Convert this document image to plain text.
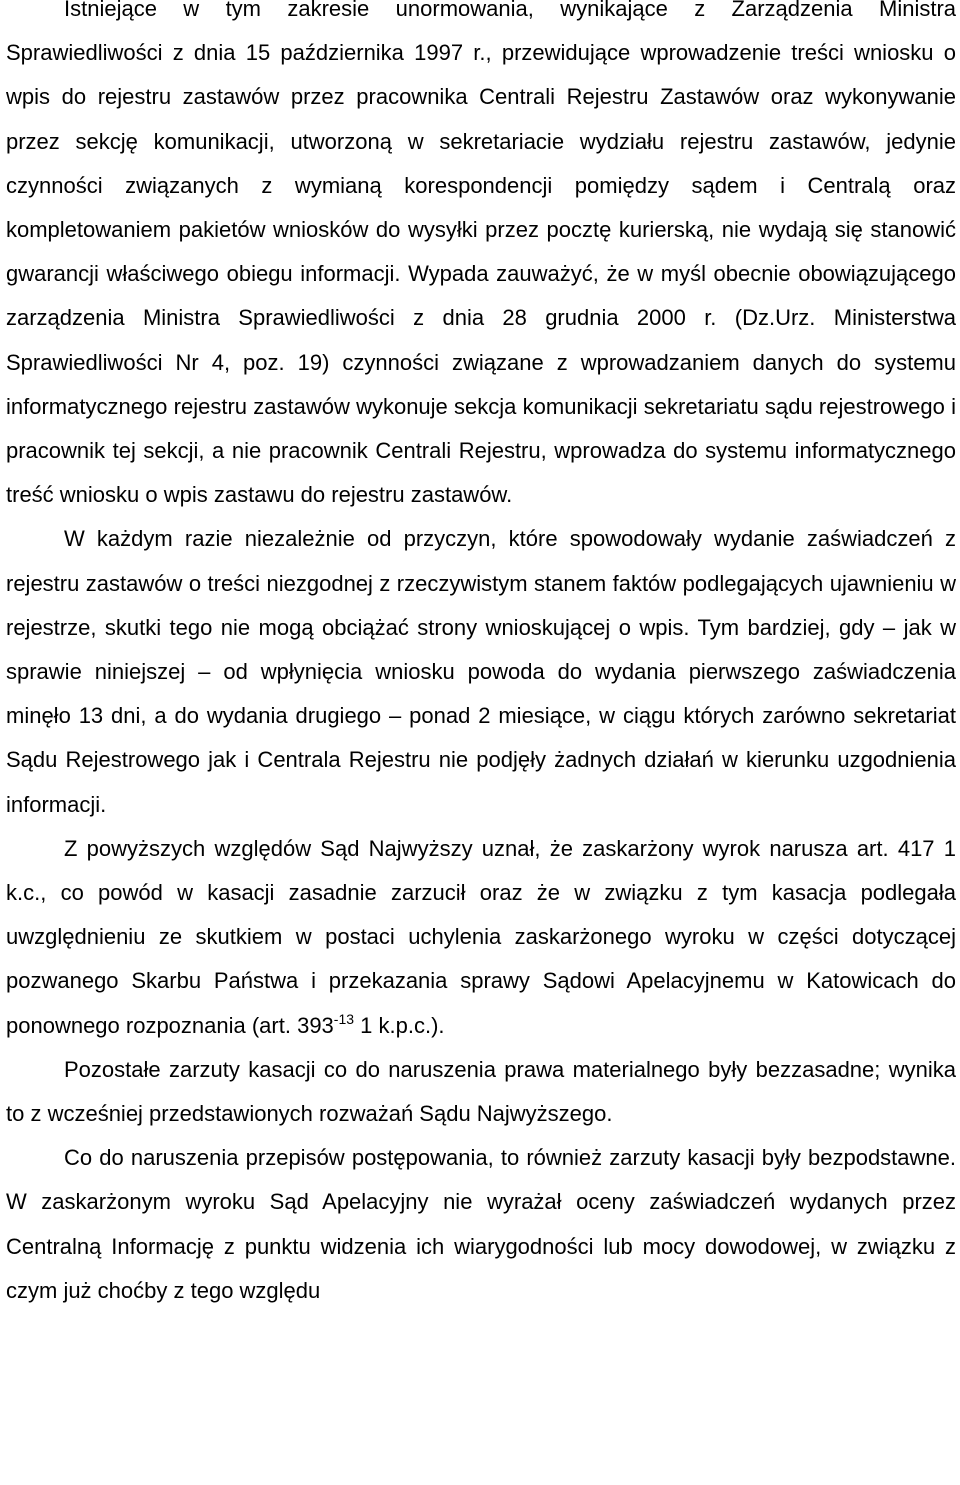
Istniejące w tym zakresie unormowania, wynikające z Zarządzenia Ministra Sprawiedliwości z dnia 15 października 1997 r., przewidujące wprowadzenie treści wniosku o wpis do rejestru zastawów przez pracownika Centrali Rejestru Zastawów oraz wykonywanie przez sekcję komunikacji, utworzoną w sekretariacie wydziału rejestru zastawów, jedynie czynności związanych z wymianą korespondencji pomiędzy sądem i Centralą oraz kompletowaniem pakietów wniosków do wysyłki przez pocztę kurierską, nie wydają się stanowić gwarancji właściwego obiegu informacji. Wypada zauważyć, że w myśl obecnie obowiązującego zarządzenia Ministra Sprawiedliwości z dnia 28 grudnia 2000 r. (Dz.Urz. Ministerstwa Sprawiedliwości Nr 4, poz. 19) czynności związane z wprowadzaniem danych do systemu informatycznego rejestru zastawów wykonuje sekcja komunikacji sekretariatu sądu rejestrowego i pracownik tej sekcji, a nie pracownik Centrali Rejestru, wprowadza do systemu informatycznego treść wniosku o wpis zastawu do rejestru zastawów.

W każdym razie niezależnie od przyczyn, które spowodowały wydanie zaświadczeń z rejestru zastawów o treści niezgodnej z rzeczywistym stanem faktów podlegających ujawnieniu w rejestrze, skutki tego nie mogą obciążać strony wnioskującej o wpis. Tym bardziej, gdy – jak w sprawie niniejszej – od wpłynięcia wniosku powoda do wydania pierwszego zaświadczenia minęło 13 dni, a do wydania drugiego – ponad 2 miesiące, w ciągu których zarówno sekretariat Sądu Rejestrowego jak i Centrala Rejestru nie podjęły żadnych działań w kierunku uzgodnienia informacji.

Z powyższych względów Sąd Najwyższy uznał, że zaskarżony wyrok narusza art. 417 1 k.c., co powód w kasacji zasadnie zarzucił oraz że w związku z tym kasacja podlegała uwzględnieniu ze skutkiem w postaci uchylenia zaskarżonego wyroku w części dotyczącej pozwanego Skarbu Państwa i przekazania sprawy Sądowi Apelacyjnemu w Katowicach do ponownego rozpoznania (art. $393^{-13}$ 1 k.p.c.).

Pozostałe zarzuty kasacji co do naruszenia prawa materialnego były bezzasadne; wynika to z wcześniej przedstawionych rozważań Sądu Najwyższego.

Co do naruszenia przepisów postępowania, to również zarzuty kasacji były bezpodstawne. W zaskarżonym wyroku Sąd Apelacyjny nie wyrażał oceny zaświadczeń wydanych przez Centralną Informację z punktu widzenia ich wiarygodności lub mocy dowodowej, w związku z czym już choćby z tego względu
